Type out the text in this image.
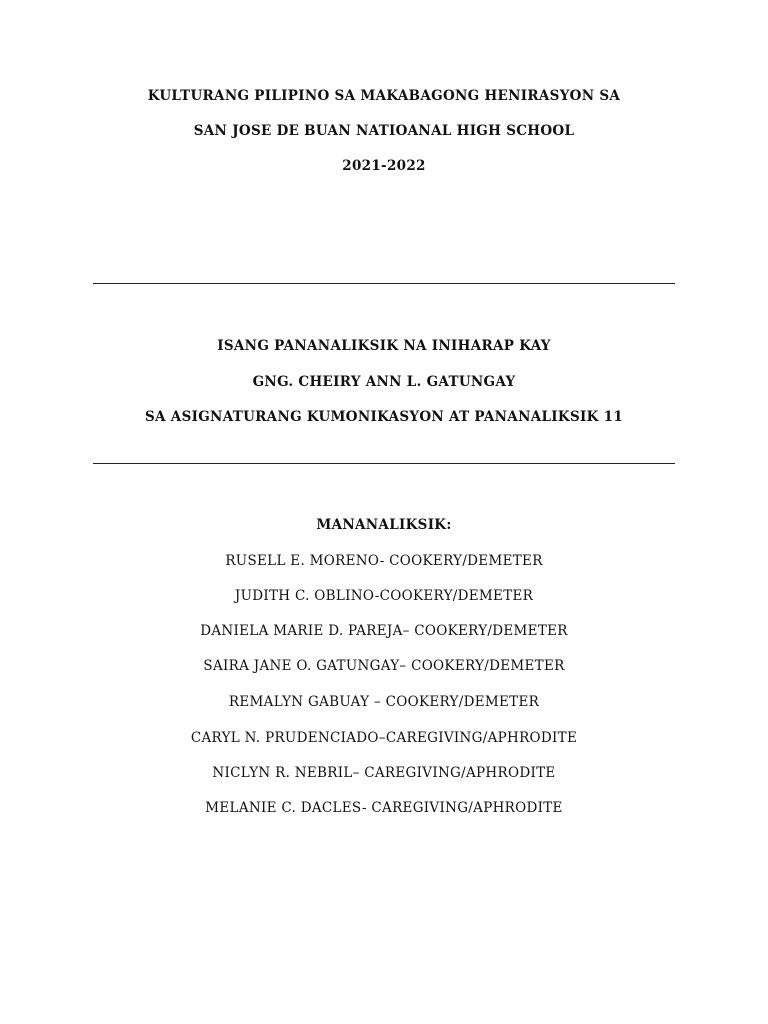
KULTURANG PILIPINO SA MAKABAGONG HENIRASYON SA
SAN JOSE DE BUAN NATIOANAL HIGH SCHOOL
2021-2022
ISANG PANANALIKSIK NA INIHARAP KAY
GNG. CHEIRY ANN L. GATUNGAY
SA ASIGNATURANG KUMONIKASYON AT PANANALIKSIK 11
MANANALIKSIK:
RUSELL E. MORENO- COOKERY/DEMETER
JUDITH C. OBLINO-COOKERY/DEMETER
DANIELA MARIE D. PAREJA– COOKERY/DEMETER
SAIRA JANE O. GATUNGAY– COOKERY/DEMETER
REMALYN GABUAY – COOKERY/DEMETER
CARYL N. PRUDENCIADO–CAREGIVING/APHRODITE
NICLYN R. NEBRIL– CAREGIVING/APHRODITE
MELANIE C. DACLES- CAREGIVING/APHRODITE
